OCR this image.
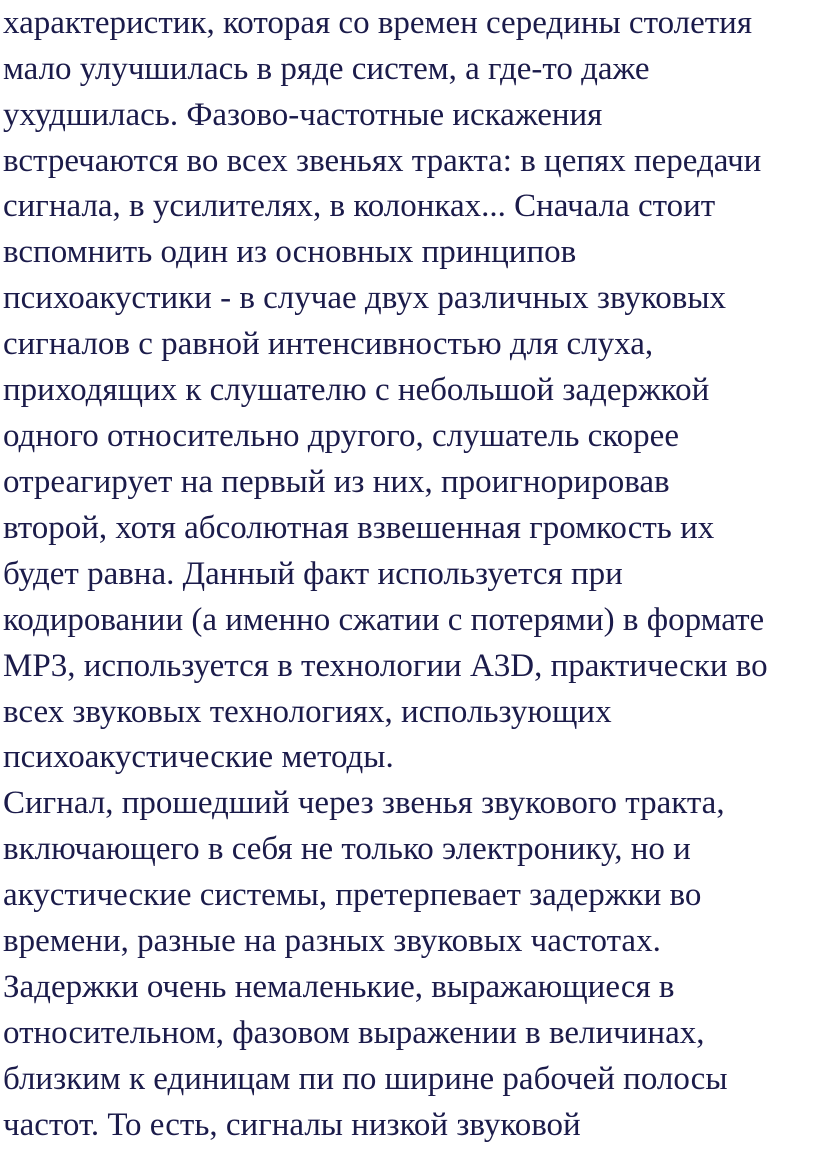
характеристик, которая со времен середины столетия

мало улучшилась в ряде систем, а где-то даже

ухудшилась. Фазово-частотные искажения

встречаются во всех звеньях тракта: в цепях передачи

сигнала, в усилителях, в колонках... Сначала стоит

вспомнить один из основных принципов

психоакустики - в случае двух различных звуковых

сигналов с равной интенсивностью для слуха,

приходящих к слушателю с небольшой задержкой

одного относительно другого, слушатель скорее

отреагирует на первый из них, проигнорировав

второй, хотя абсолютная взвешенная громкость их

будет равна. Данный факт используется при

кодировании (а именно сжатии с потерями) в формате

MP3, используется в технологии A3D, практически во

всех звуковых технологиях, использующих

психоакустические методы.

Сигнал, прошедший через звенья звукового тракта,

включающего в себя не только электронику, но и

акустические системы, претерпевает задержки во

времени, разные на разных звуковых частотах.

Задержки очень немаленькие, выражающиеся в

относительном, фазовом выражении в величинах,

близким к единицам пи по ширине рабочей полосы

частот. То есть, сигналы низкой звуковой
